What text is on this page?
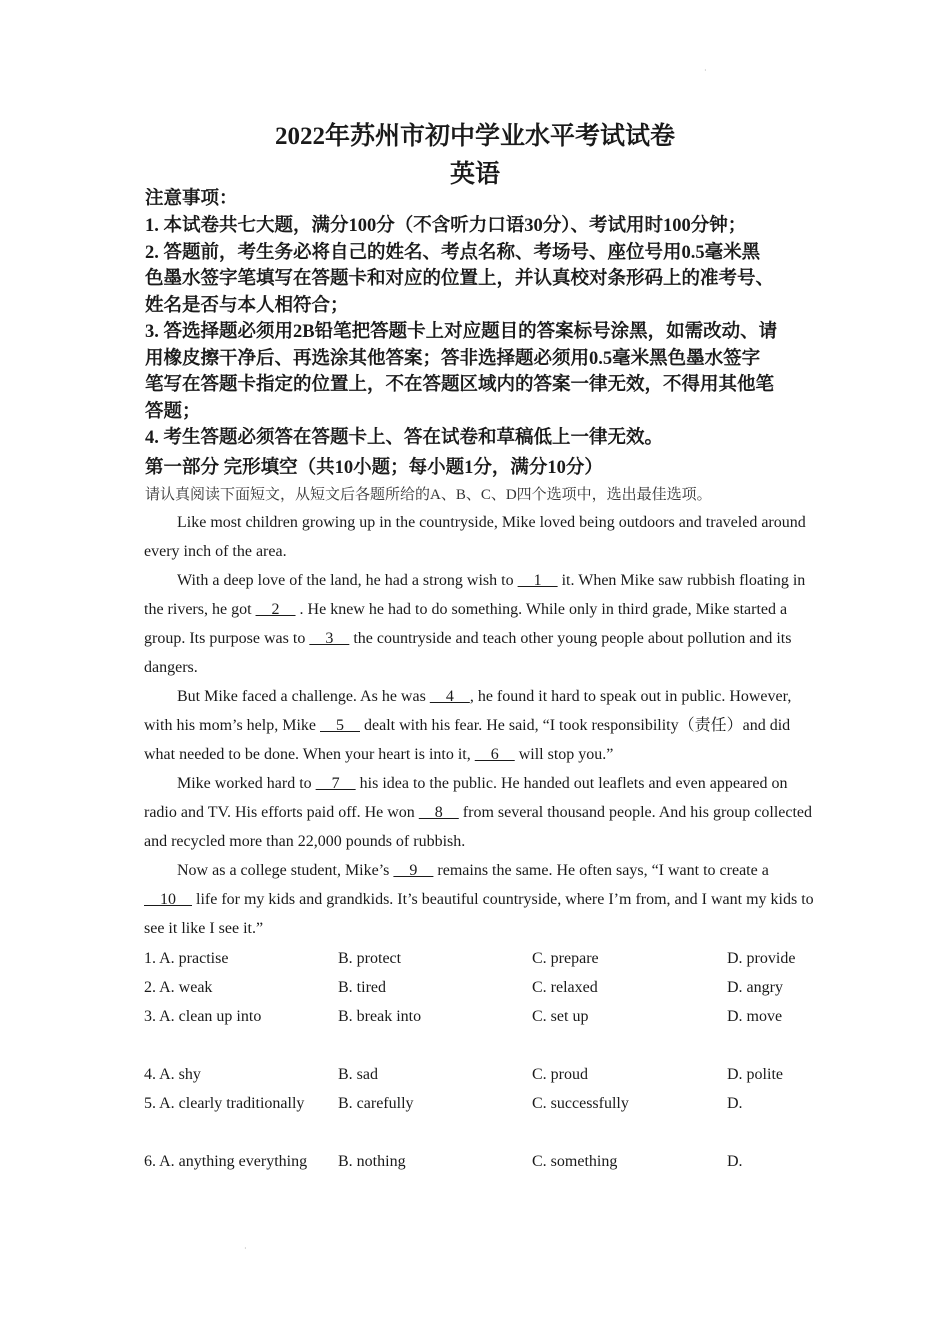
·
2022年苏州市初中学业水平考试试卷
英语
注意事项：
1. 本试卷共七大题，满分100分（不含听力口语30分）、考试用时100分钟；
2. 答题前，考生务必将自己的姓名、考点名称、考场号、座位号用0.5毫米黑
色墨水签字笔填写在答题卡和对应的位置上，并认真校对条形码上的准考号、
姓名是否与本人相符合；
3. 答选择题必须用2B铅笔把答题卡上对应题目的答案标号涂黑，如需改动、请
用橡皮擦干净后、再选涂其他答案；答非选择题必须用0.5毫米黑色墨水签字
笔写在答题卡指定的位置上，不在答题区域内的答案一律无效，不得用其他笔
答题；
4. 考生答题必须答在答题卡上、答在试卷和草稿低上一律无效。
第一部分 完形填空（共10小题；每小题1分，满分10分）
请认真阅读下面短文，从短文后各题所给的A、B、C、D四个选项中，选出最佳选项。

Like most children growing up in the countryside, Mike loved being outdoors and traveled around every inch of the area.

With a deep love of the land, he had a strong wish to     1     it. When Mike saw rubbish floating in the rivers, he got     2     . He knew he had to do something. While only in third grade, Mike started a group. Its purpose was to     3     the countryside and teach other young people about pollution and its dangers.

But Mike faced a challenge. As he was     4    , he found it hard to speak out in public. However, with his mom’s help, Mike     5     dealt with his fear. He said, “I took responsibility（责任）and did what needed to be done. When your heart is into it,     6     will stop you.”

Mike worked hard to     7     his idea to the public. He handed out leaflets and even appeared on radio and TV. His efforts paid off. He won     8     from several thousand people. And his group collected and recycled more than 22,000 pounds of rubbish.

Now as a college student, Mike’s     9     remains the same. He often says, “I want to create a     10     life for my kids and grandkids. It’s beautiful countryside, where I’m from, and I want my kids to see it like I see it.”

1. A. practise	B. protect	C. prepare	D. provide
2. A. weak	B. tired	C. relaxed	D. angry
3. A. clean up into	B. break into	C. set up	D. move
4. A. shy	B. sad	C. proud	D. polite
5. A. clearly traditionally	B. carefully	C. successfully	D.
6. A. anything everything	B. nothing	C. something	D.
·
